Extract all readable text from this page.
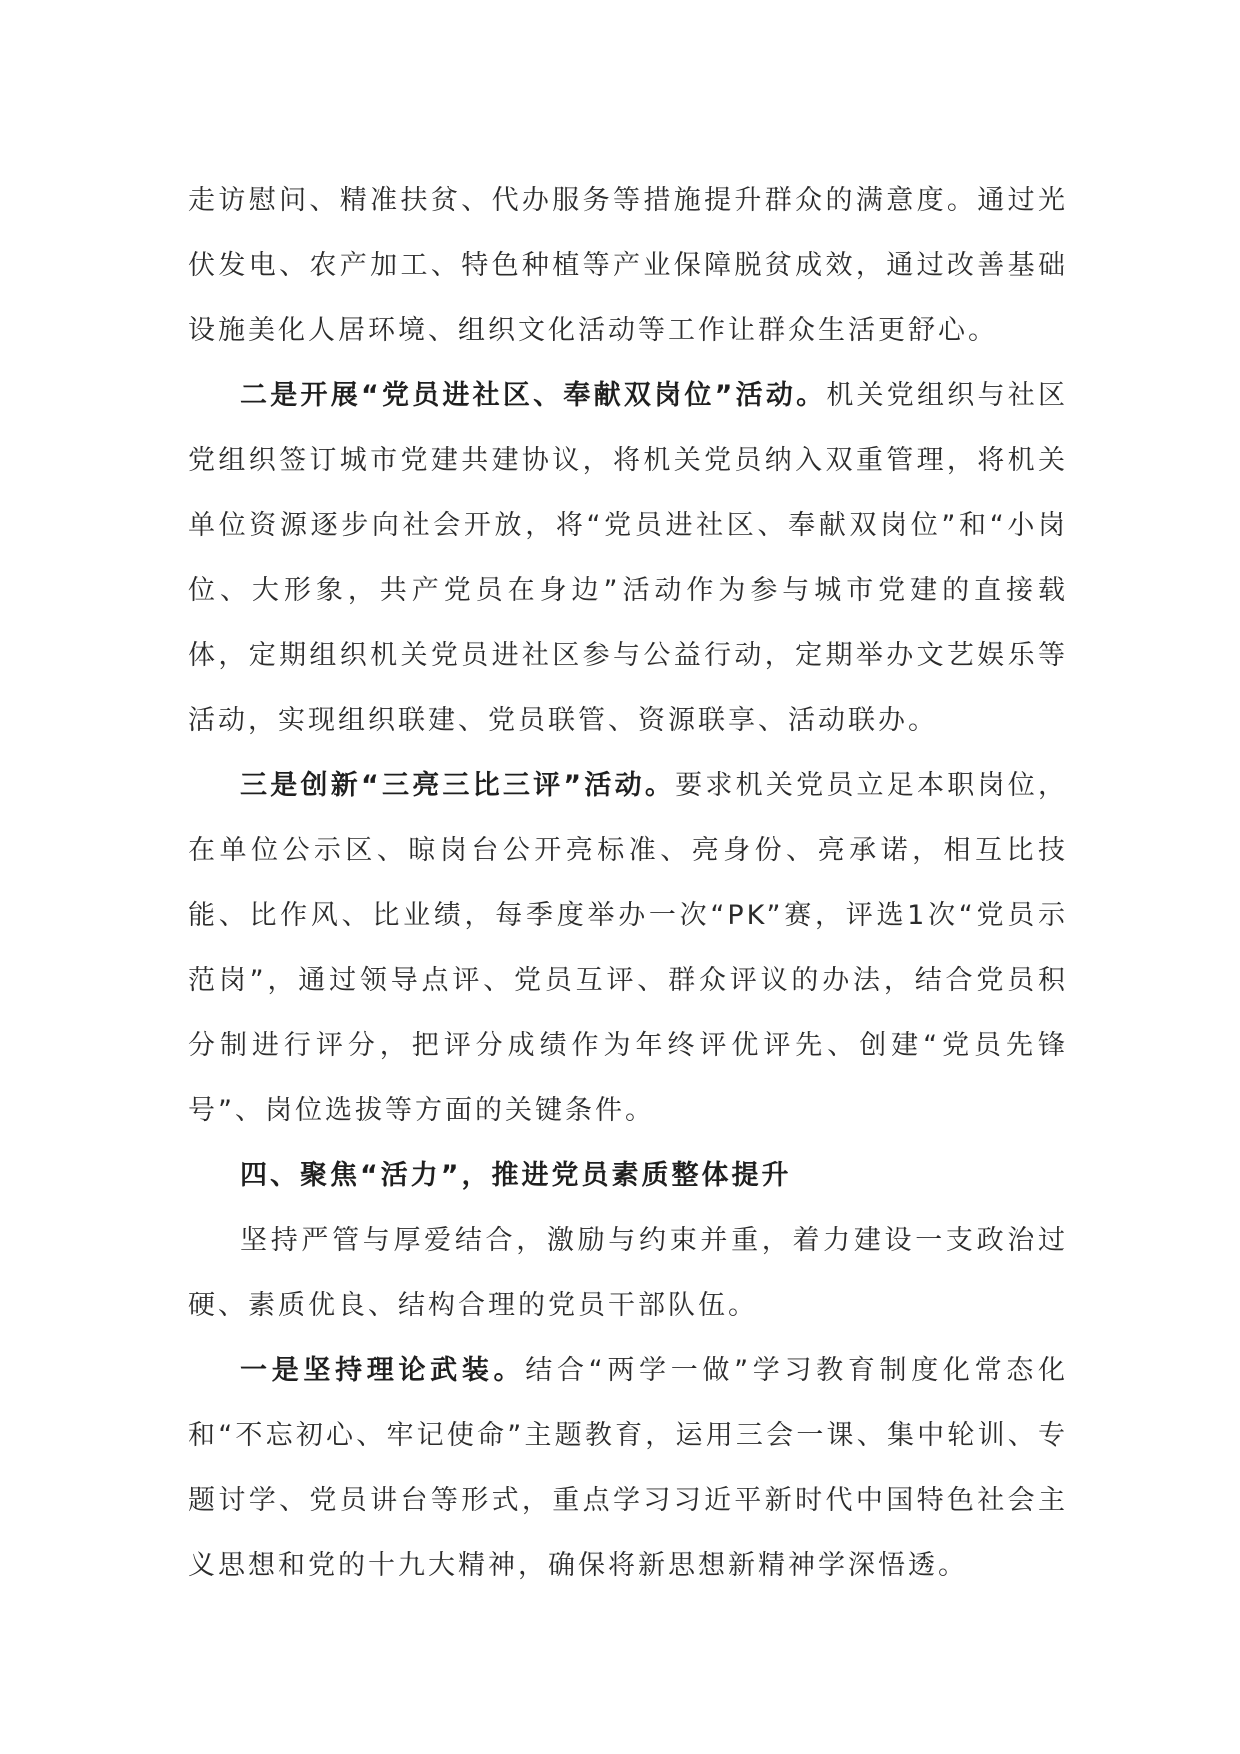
走访慰问、精准扶贫、代办服务等措施提升群众的满意度。通过光伏发电、农产加工、特色种植等产业保障脱贫成效，通过改善基础设施美化人居环境、组织文化活动等工作让群众生活更舒心。

二是开展“党员进社区、奉献双岗位”活动。机关党组织与社区党组织签订城市党建共建协议，将机关党员纳入双重管理，将机关单位资源逐步向社会开放，将“党员进社区、奉献双岗位”和“小岗位、大形象，共产党员在身边”活动作为参与城市党建的直接载体，定期组织机关党员进社区参与公益行动，定期举办文艺娱乐等活动，实现组织联建、党员联管、资源联享、活动联办。

三是创新“三亮三比三评”活动。要求机关党员立足本职岗位，在单位公示区、晾岗台公开亮标准、亮身份、亮承诺，相互比技能、比作风、比业绩，每季度举办一次“PK”赛，评选1次“党员示范岗”，通过领导点评、党员互评、群众评议的办法，结合党员积分制进行评分，把评分成绩作为年终评优评先、创建“党员先锋号”、岗位选拔等方面的关键条件。

四、聚焦“活力”，推进党员素质整体提升

坚持严管与厚爱结合，激励与约束并重，着力建设一支政治过硬、素质优良、结构合理的党员干部队伍。

一是坚持理论武装。结合“两学一做”学习教育制度化常态化和“不忘初心、牢记使命”主题教育，运用三会一课、集中轮训、专题讨学、党员讲台等形式，重点学习习近平新时代中国特色社会主义思想和党的十九大精神，确保将新思想新精神学深悟透。
